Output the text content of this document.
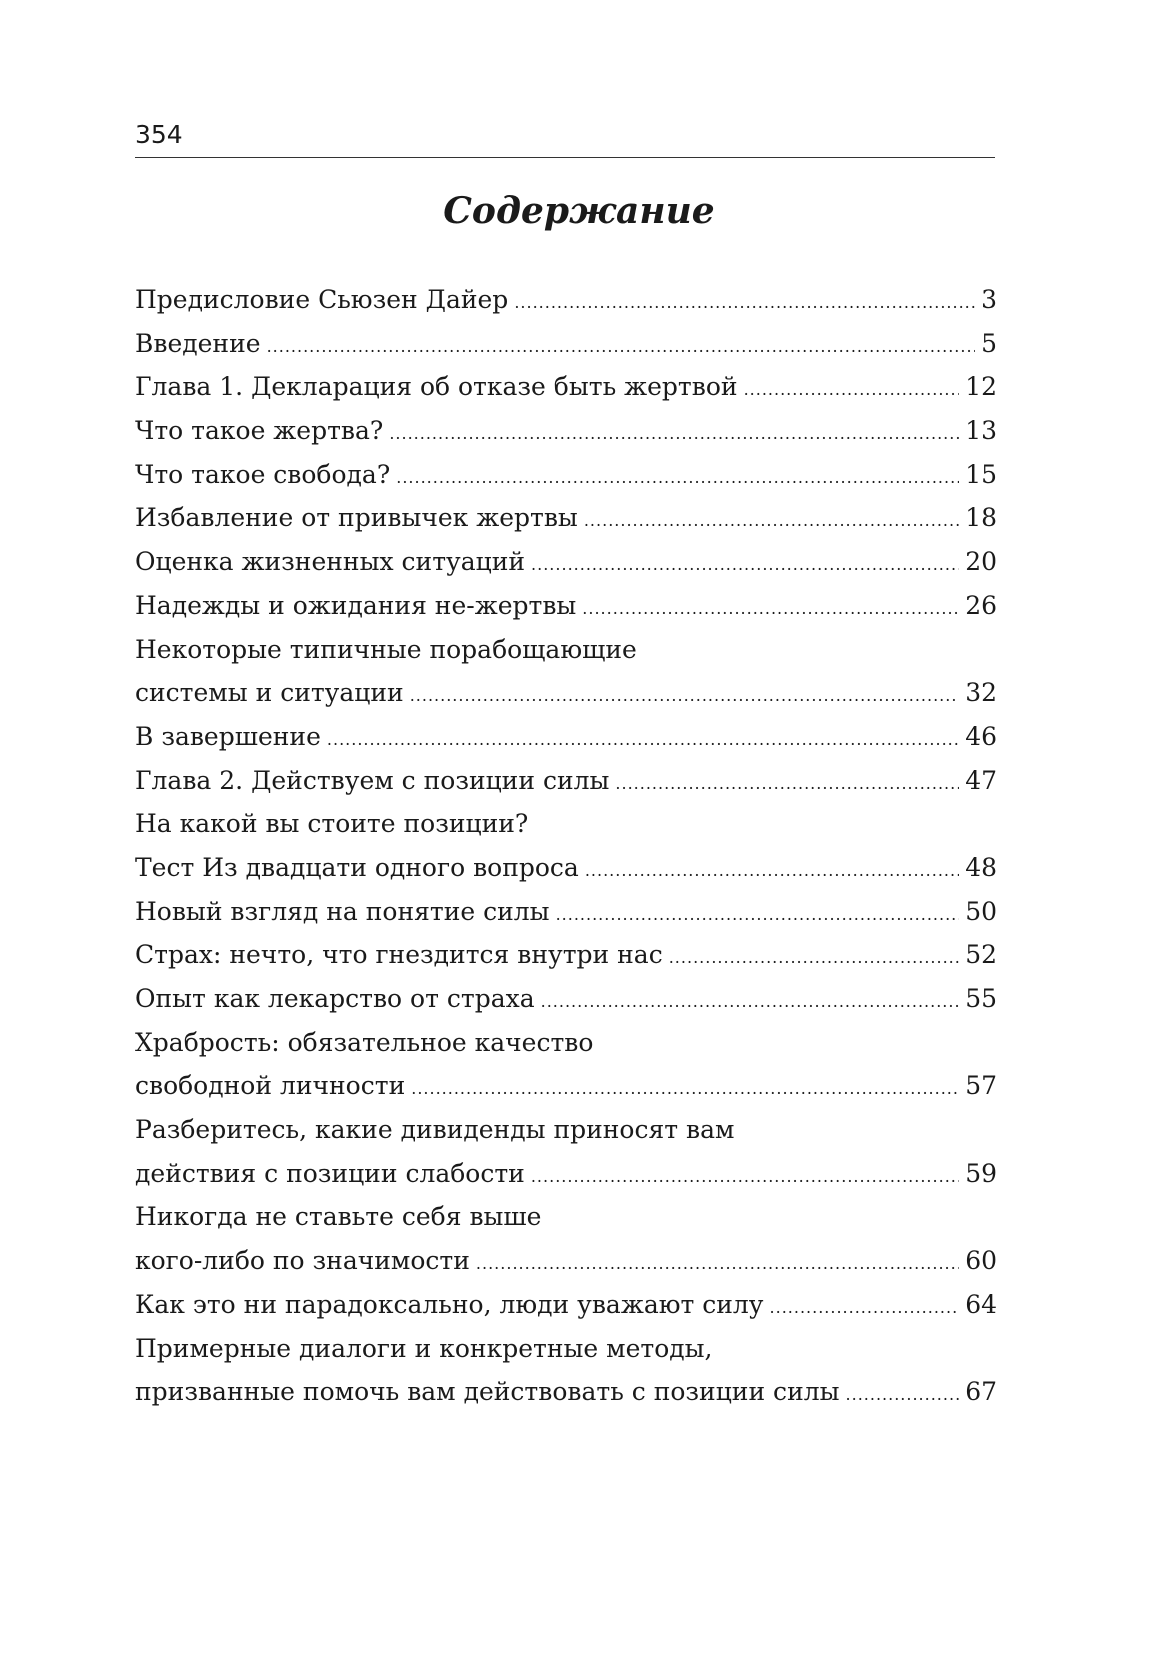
354
Содержание
Предисловие Сьюзен Дайер .....	3
Введение .....	5
Глава 1. Декларация об отказе быть жертвой .....	12
Что такое жертва? .....	13
Что такое свобода? .....	15
Избавление от привычек жертвы .....	18
Оценка жизненных ситуаций .....	20
Надежды и ожидания не-жертвы .....	26
Некоторые типичные порабощающие
системы и ситуации .....	32
В завершение .....	46
Глава 2. Действуем с позиции силы .....	47
На какой вы стоите позиции?
Тест Из двадцати одного вопроса .....	48
Новый взгляд на понятие силы .....	50
Страх: нечто, что гнездится внутри нас .....	52
Опыт как лекарство от страха .....	55
Храбрость: обязательное качество
свободной личности .....	57
Разберитесь, какие дивиденды приносят вам
действия с позиции слабости .....	59
Никогда не ставьте себя выше
кого-либо по значимости .....	60
Как это ни парадоксально, люди уважают силу .....	64
Примерные диалоги и конкретные методы,
призванные помочь вам действовать с позиции силы .....	67
